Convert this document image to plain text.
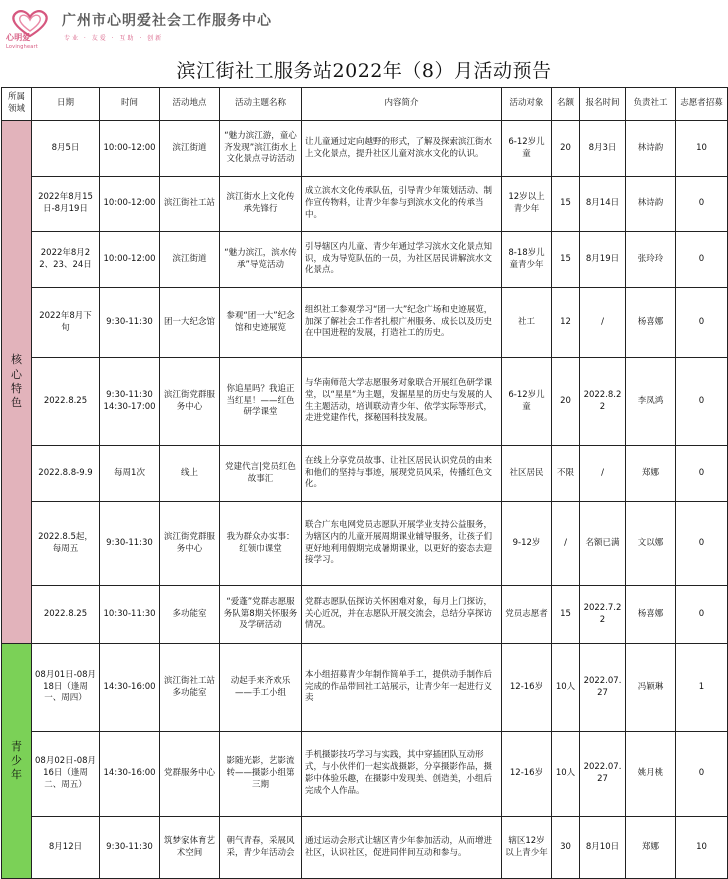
心明爱
Lovingheart
广州市心明爱社会工作服务中心
专业 · 友爱 · 互助 · 创新
滨江街社工服务站2022年（8）月活动预告
所属领域	日期	时间	活动地点	活动主题名称	内容简介	活动对象	名额	报名时间	负责社工	志愿者招募
核心特色	8月5日	10:00-12:00	滨江街道	“魅力滨江游，童心齐发现”滨江街水上文化景点寻访活动	让儿童通过定向越野的形式，了解及探索滨江街水上文化景点，提升社区儿童对滨水文化的认识。	6-12岁儿童	20	8月3日	林诗韵	10
	2022年8月15日-8月19日	10:00-12:00	滨江街社工站	滨江街水上文化传承先锋行	成立滨水文化传承队伍，引导青少年策划活动、制作宣传物料，让青少年参与到滨水文化的传承当中。	12岁以上青少年	15	8月14日	林诗韵	0
	2022年8月22、23、24日	10:00-12:00	滨江街道	“魅力滨江，滨水传承”导览活动	引导辖区内儿童、青少年通过学习滨水文化景点知识，成为导览队伍的一员，为社区居民讲解滨水文化景点。	8-18岁儿童青少年	15	8月19日	张玲玲	0
	2022年8月下旬	9:30-11:30	团一大纪念馆	参观“团一大”纪念馆和史迹展览	组织社工参观学习“团一大”纪念广场和史迹展览，加深了解社会工作者扎根广州服务、成长以及历史在中国进程的发展，打造社工的历史。	社工	12	/	杨喜娜	0
	2022.8.25	9:30-11:30 14:30-17:00	滨江街党群服务中心	你追星吗？我追正当红星！——红色研学课堂	与华南师范大学志愿服务对象联合开展红色研学课堂，以“星星”为主题，发掘星星的历史与发展的人生主题活动，培训联动青少年、依学实际等形式，走进党建作代，探秘国科技发展。	6-12岁儿童	20	2022.8.22	李凤鸿	0
	2022.8.8-9.9	每周1次	线上	党建代言|党员红色故事汇	在线上分享党员故事、让社区居民认识党员的由来和他们的坚持与事迹，展现党员风采，传播红色文化。	社区居民	不限	/	郑娜	0
	2022.8.5起，每周五	9:30-11:30	滨江街党群服务中心	我为群众办实事：红领巾课堂	联合广东电网党员志愿队开展学业支持公益服务，为辖区内的儿童开展周期课业辅导服务，让孩子们更好地利用假期完成暑期课业，以更好的姿态去迎接学习。	9-12岁	/	名额已满	文以娜	0
	2022.8.25	10:30-11:30	多功能室	“爱蓬”党群志愿服务队第8期关怀服务及学研活动	党群志愿队伍探访关怀困难对象，每月上门探访，关心近况，并在志愿队开展交流会，总结分享探访情况。	党员志愿者	15	2022.7.22	杨喜娜	0
青少年	08月01日-08月18日（逢周一、周四）	14:30-16:00	滨江街社工站多功能室	动起手来齐欢乐——手工小组	本小组招募青少年制作简单手工，提供动手制作后完成的作品带回社工站展示，让青少年一起进行义卖	12-16岁	10人	2022.07.27	冯颖琳	1
	08月02日-08月16日（逢周二、周五）	14:30-16:00	党群服务中心	影随光影，艺影流转——摄影小组第三期	手机摄影技巧学习与实践，其中穿插团队互动形式，与小伙伴们一起实战摄影，分享摄影作品，摄影中体验乐趣，在摄影中发现美、创造美，小组后完成个人作品。	12-16岁	10人	2022.07.27	姚月桃	0
	8月12日	9:30-11:30	筑梦家体育艺术空间	朝气青春，采展风采，青少年活动会	通过运动会形式让辖区青少年参加活动，从而增进社区，认识社区，促进同伴间互动和参与。	辖区12岁以上青少年	30	8月10日	郑娜	10
